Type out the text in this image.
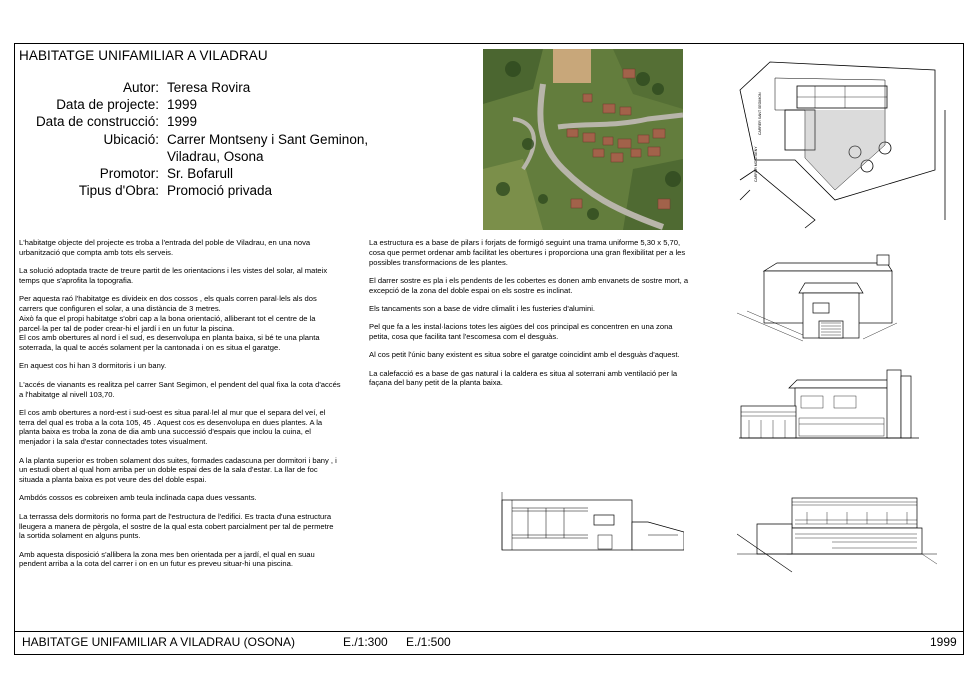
HABITATGE UNIFAMILIAR A VILADRAU
Autor: Teresa Rovira
Data de projecte: 1999
Data de construcció: 1999
Ubicació: Carrer Montseny i Sant Geminon,
Viladrau, Osona
Promotor: Sr. Bofarull
Tipus d'Obra: Promoció privada

L'habitatge objecte del projecte es troba a l'entrada del poble de Viladrau, en una nova urbanització que compta amb tots els serveis.

La solució adoptada tracte de treure partit de les orientacions i les vistes del solar, al mateix temps que s'aprofita la topografia.

Per aquesta raó l'habitatge es divideix en dos cossos , els quals corren paral·lels als dos carrers que configuren el solar, a una distància de 3 metres.
Això fa que el propi habitatge s'obri cap a la bona orientació, alliberant tot el centre de la parcel·la per tal de poder crear-hi el jardí i en un futur la piscina.
El cos amb obertures al nord i el sud, es desenvolupa en planta baixa, si bé te una planta soterrada, la qual te accés solament per la cantonada i on es situa el garatge.

En aquest cos hi han 3 dormitoris i un bany.

L'accés de vianants es realitza pel carrer Sant Segimon, el pendent del qual fixa la cota d'accés a l'habitatge al nivell 103,70.

El cos amb obertures a nord-est i sud-oest es situa paral·lel al mur que el separa del veí, el terra del qual es troba a la cota 105, 45 . Aquest cos es desenvolupa en dues plantes. A la planta baixa es troba la zona de dia amb una successió d'espais que inclou la cuina, el menjador i la sala d'estar connectades totes visualment.

A la planta superior es troben solament dos suites, formades cadascuna per dormitori i bany , i un estudi obert al qual hom arriba per un doble espai des de la sala d'estar. La llar de foc situada a planta baixa es pot veure des del doble espai.

Ambdós cossos es cobreixen amb teula inclinada capa dues vessants.

La terrassa dels dormitoris no forma part de l'estructura de l'edifici. Es tracta d'una estructura lleugera a manera de pèrgola, el sostre de la qual esta cobert parcialment per tal de permetre la sortida solament en alguns punts.

Amb aquesta disposició s'allibera la zona mes ben orientada per a jardí, el qual en suau pendent arriba a la cota del carrer i on en un futur es preveu situar-hi una piscina.

La estructura es a base de pilars i forjats de formigó seguint una trama uniforme 5,30 x 5,70, cosa que permet ordenar amb facilitat les obertures i proporciona una gran flexibilitat per a les possibles transformacions de les plantes.

El darrer sostre es pla i els pendents de les cobertes es donen amb envanets de sostre mort, a excepció de la zona del doble espai on els sostre es inclinat.

Els tancaments son a base de vidre climalit i les fusteries d'alumini.

Pel que fa a les instal·lacions totes les aigües del cos principal es concentren en una zona petita, cosa que facilita tant l'escomesa com el desguàs.

Al cos petit l'únic bany existent es situa sobre el garatge coincidint amb el desguàs d'aquest.

La calefacció es a base de gas natural i la caldera es situa al soterrani amb ventilació per la façana del bany petit de la planta baixa.

CARRER SANT SEGIMON
CARRER MONTSENY
HABITATGE UNIFAMILIAR A VILADRAU (OSONA)	E./1:300 E./1:500	1999
